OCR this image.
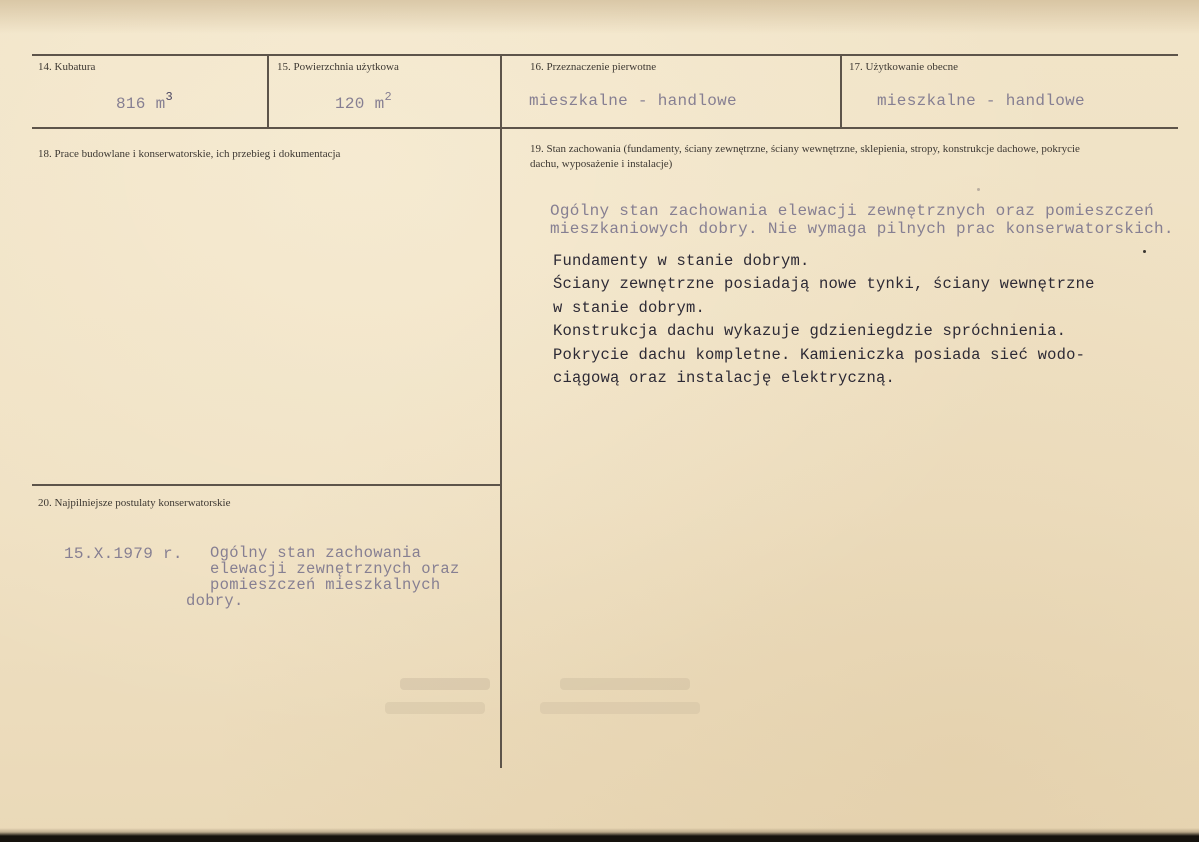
14. Kubatura
816 $m^3$
15. Powierzchnia użytkowa
120 $m^2$
16. Przeznaczenie pierwotne
mieszkalne - handlowe
17. Użytkowanie obecne
mieszkalne - handlowe
18. Prace budowlane i konserwatorskie, ich przebieg i dokumentacja	19. Stan zachowania (fundamenty, ściany zewnętrzne, ściany wewnętrzne, sklepienia, stropy, konstrukcje dachowe, pokrycie dachu, wyposażenie i instalacje)
Ogólny stan zachowania elewacji zewnętrznych oraz pomieszczeń
mieszkaniowych dobry. Nie wymaga pilnych prac konserwatorskich.
Fundamenty w stanie dobrym.
Ściany zewnętrzne posiadają nowe tynki, ściany wewnętrzne
w stanie dobrym.
Konstrukcja dachu wykazuje gdzieniegdzie spróchnienia.
Pokrycie dachu kompletne. Kamieniczka posiada sieć wodo-
ciągową oraz instalację elektryczną.
20. Najpilniejsze postulaty konserwatorskie
15.X.1979 r. Ogólny stan zachowania
elewacji zewnętrznych oraz
pomieszczeń mieszkalnych
dobry.
